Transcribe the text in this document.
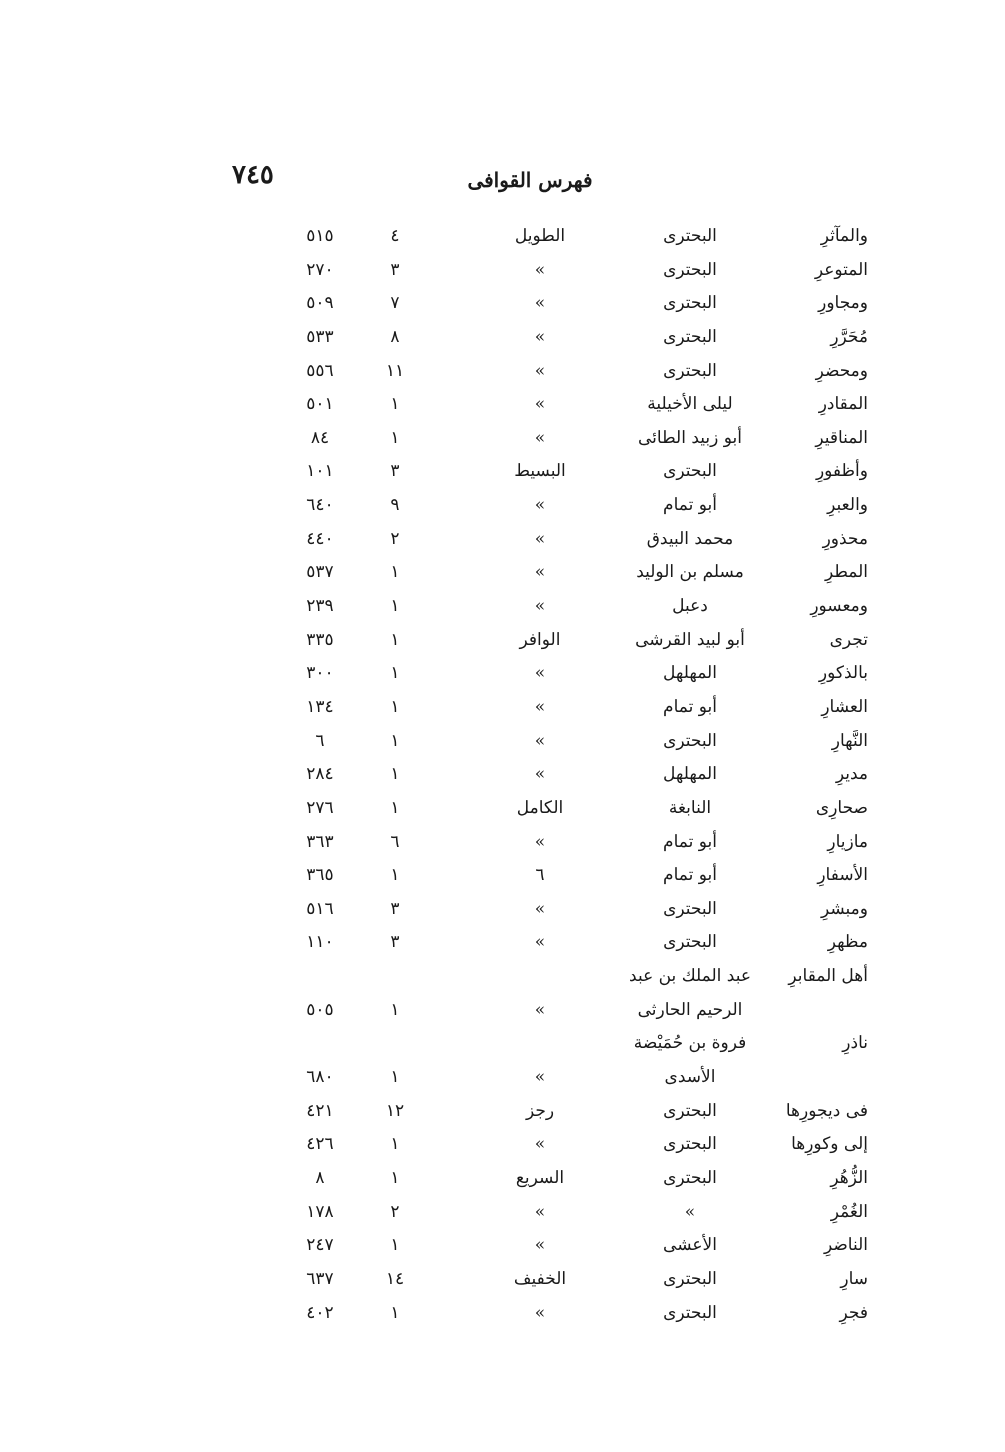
٧٤٥	فهرس القوافى
والمآثرِ
البحترى
الطويل
٤
٥١٥
المتوعرِ
البحترى
»
٣
٢٧٠
ومجاورِ
البحترى
»
٧
٥٠٩
مُحَرَّرِ
البحترى
»
٨
٥٣٣
ومحضرِ
البحترى
»
١١
٥٥٦
المقادرِ
ليلى الأخيلية
»
١
٥٠١
المناقيرِ
أبو زبيد الطائى
»
١
٨٤
وأظفورِ
البحترى
البسيط
٣
١٠١
والعبرِ
أبو تمام
»
٩
٦٤٠
محذورِ
محمد البيدق
»
٢
٤٤٠
المطرِ
مسلم بن الوليد
»
١
٥٣٧
ومعسورِ
دعبل
»
١
٢٣٩
تجرى
أبو لبيد القرشى
الوافر
١
٣٣٥
بالذكورِ
المهلهل
»
١
٣٠٠
العشارِ
أبو تمام
»
١
١٣٤
النَّهارِ
البحترى
»
١
٦
مديرِ
المهلهل
»
١
٢٨٤
صحارِى
النابغة
الكامل
١
٢٧٦
مازيارِ
أبو تمام
»
٦
٣٦٣
الأسفارِ
أبو تمام
٦
١
٣٦٥
ومبشرِ
البحترى
»
٣
٥١٦
مظهرِ
البحترى
»
٣
١١٠
أهل المقابرِ
عبد الملك بن عبد
الرحيم الحارثى
»
١
٥٠٥
ناذرِ
فروة بن حُمَيْضة
الأسدى
»
١
٦٨٠
فى ديجورِها
البحترى
رجز
١٢
٤٢١
إلى وكورِها
البحترى
»
١
٤٢٦
الزُّهُرِ
البحترى
السريع
١
٨
الغُمْرِ
»
»
٢
١٧٨
الناضرِ
الأعشى
»
١
٢٤٧
سارِ
البحترى
الخفيف
١٤
٦٣٧
فجرِ
البحترى
»
١
٤٠٢
